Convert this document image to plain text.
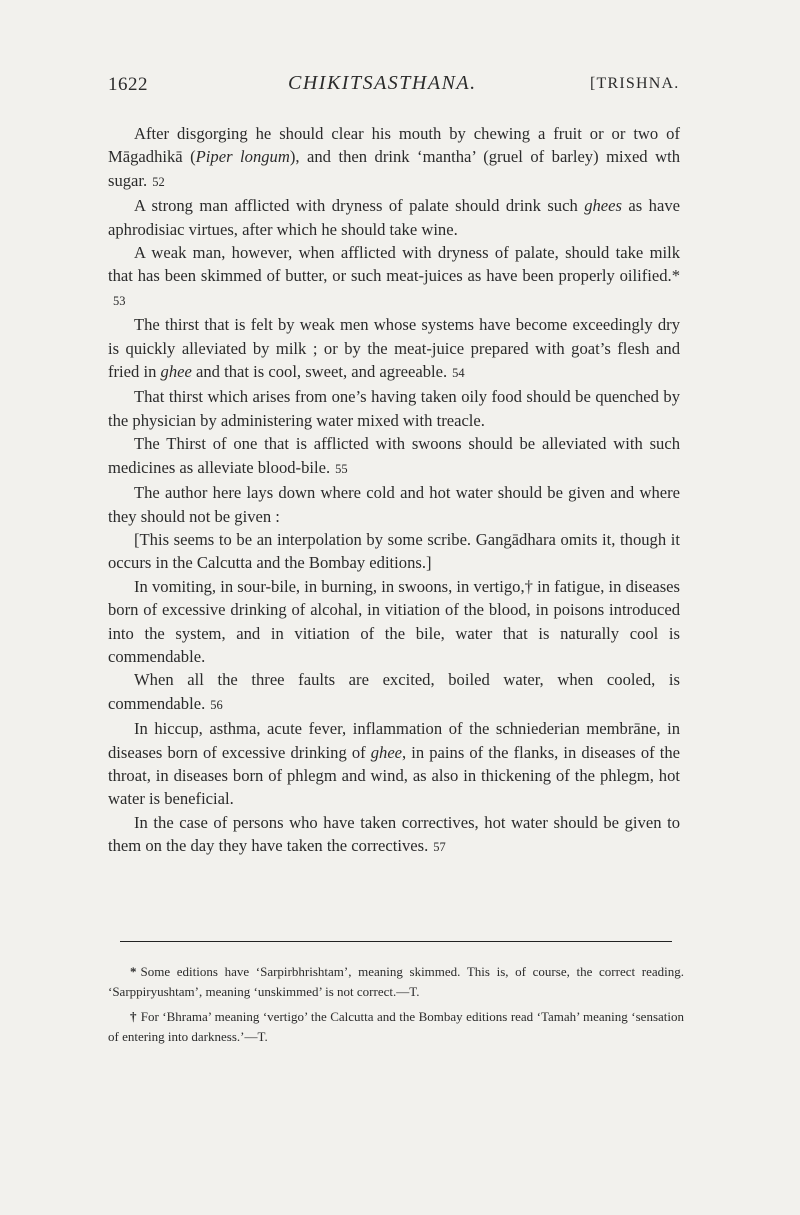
1622	CHIKITSASTHANA.	[TRISHNA.

After disgorging he should clear his mouth by chewing a fruit or or two of Māgadhikā (Piper longum), and then drink ‘mantha’ (gruel of barley) mixed wth sugar. 52

A strong man afflicted with dryness of palate should drink such ghees as have aphrodisiac virtues, after which he should take wine.

A weak man, however, when afflicted with dryness of palate, should take milk that has been skimmed of butter, or such meat-juices as have been properly oilified.* 53

The thirst that is felt by weak men whose systems have become exceedingly dry is quickly alleviated by milk ; or by the meat-juice prepared with goat’s flesh and fried in ghee and that is cool, sweet, and agreeable. 54

That thirst which arises from one’s having taken oily food should be quenched by the physician by administering water mixed with treacle.

The Thirst of one that is afflicted with swoons should be alleviated with such medicines as alleviate blood-bile. 55

The author here lays down where cold and hot water should be given and where they should not be given :

[This seems to be an interpolation by some scribe. Gangādhara omits it, though it occurs in the Calcutta and the Bombay editions.]

In vomiting, in sour-bile, in burning, in swoons, in vertigo,† in fatigue, in diseases born of excessive drinking of alcohal, in vitiation of the blood, in poisons introduced into the system, and in vitiation of the bile, water that is naturally cool is commendable.

When all the three faults are excited, boiled water, when cooled, is commendable. 56

In hiccup, asthma, acute fever, inflammation of the schniederian membrāne, in diseases born of excessive drinking of ghee, in pains of the flanks, in diseases of the throat, in diseases born of phlegm and wind, as also in thickening of the phlegm, hot water is beneficial.

In the case of persons who have taken correctives, hot water should be given to them on the day they have taken the correctives. 57

* Some editions have ‘Sarpirbhrishtam’, meaning skimmed. This is, of course, the correct reading. ‘Sarppiryushtam’, meaning ‘unskimmed’ is not correct.—T.

† For ‘Bhrama’ meaning ‘vertigo’ the Calcutta and the Bombay editions read ‘Tamah’ meaning ‘sensation of entering into darkness.’—T.
